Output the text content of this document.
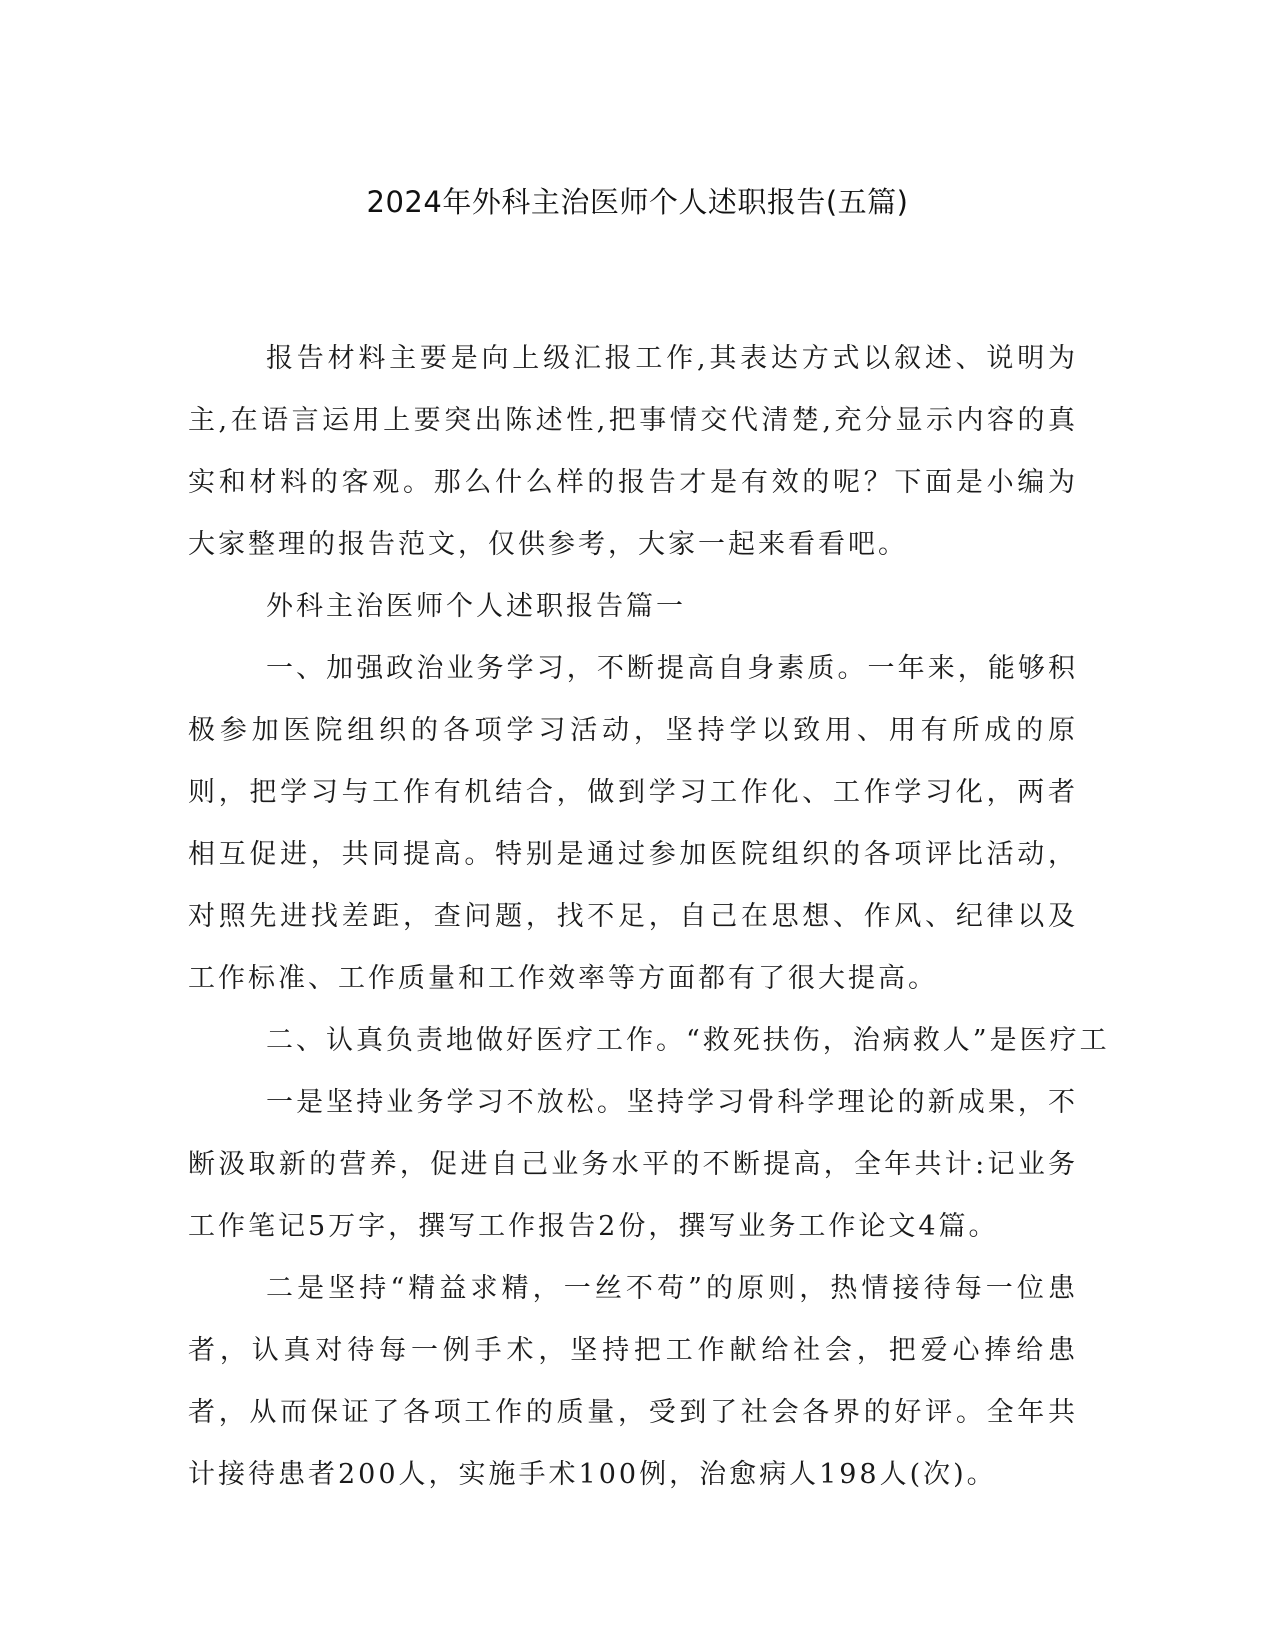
2024年外科主治医师个人述职报告(五篇)

报告材料主要是向上级汇报工作,其表达方式以叙述、说明为主,在语言运用上要突出陈述性,把事情交代清楚,充分显示内容的真实和材料的客观。那么什么样的报告才是有效的呢？下面是小编为大家整理的报告范文，仅供参考，大家一起来看看吧。

外科主治医师个人述职报告篇一

一、加强政治业务学习，不断提高自身素质。一年来，能够积极参加医院组织的各项学习活动，坚持学以致用、用有所成的原则，把学习与工作有机结合，做到学习工作化、工作学习化，两者相互促进，共同提高。特别是通过参加医院组织的各项评比活动，对照先进找差距，查问题，找不足，自己在思想、作风、纪律以及工作标准、工作质量和工作效率等方面都有了很大提高。

二、认真负责地做好医疗工作。“救死扶伤，治病救人”是医疗工

一是坚持业务学习不放松。坚持学习骨科学理论的新成果，不断汲取新的营养，促进自己业务水平的不断提高，全年共计:记业务工作笔记5万字，撰写工作报告2份，撰写业务工作论文4篇。

二是坚持“精益求精，一丝不苟”的原则，热情接待每一位患者，认真对待每一例手术，坚持把工作献给社会，把爱心捧给患者，从而保证了各项工作的质量，受到了社会各界的好评。全年共计接待患者200人，实施手术100例，治愈病人198人(次)。
